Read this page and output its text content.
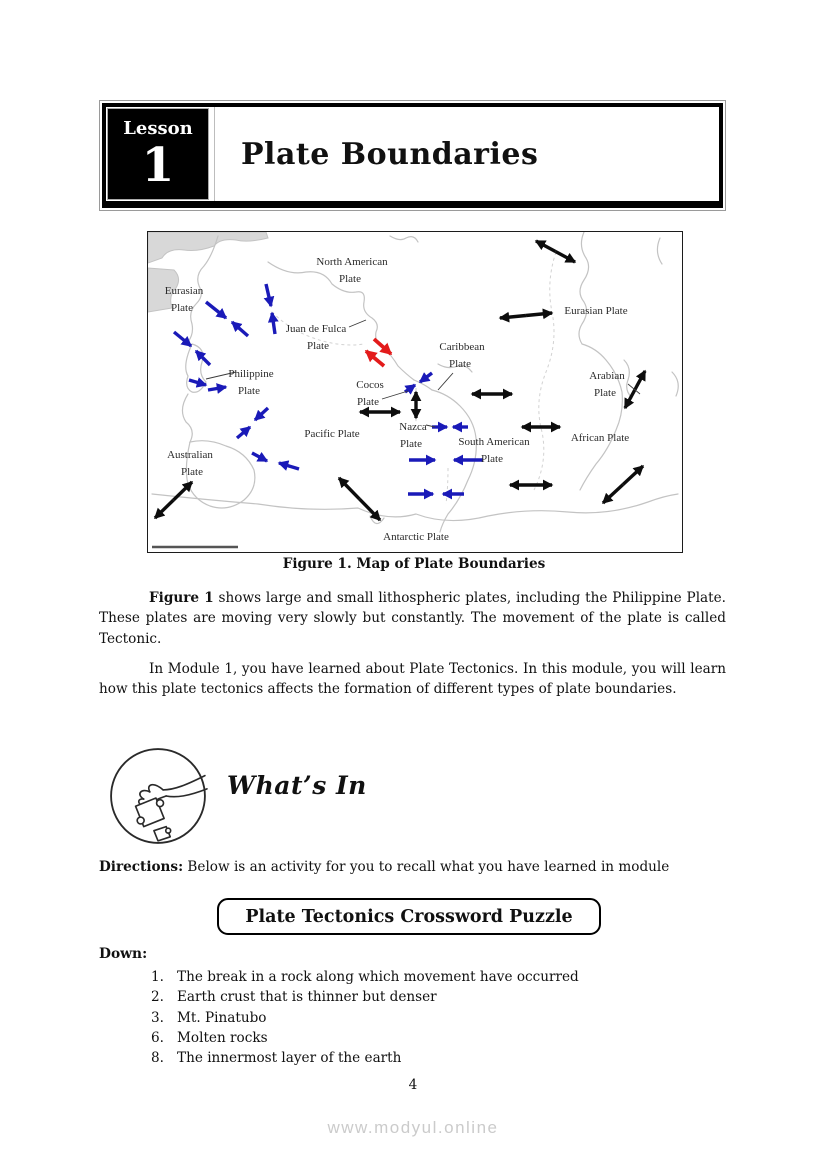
Lesson
1 Plate Boundaries
Eurasian
Plate
North American
Plate
Juan de Fulca
Plate
Eurasian Plate
Caribbean
Plate
Arabian
Plate
Philippine
Plate	Cocos
Plate
Pacific Plate
Nazca
Plate	South American
Plate
African Plate
Australian
Plate
Antarctic Plate
Figure 1. Map of Plate Boundaries

Figure 1 shows large and small lithospheric plates, including the Philippine Plate. These plates are moving very slowly but constantly. The movement of the plate is called Tectonic.

In Module 1, you have learned about Plate Tectonics. In this module, you will learn how this plate tectonics affects the formation of different types of plate boundaries.

What’s In

Directions: Below is an activity for you to recall what you have learned in module

Plate Tectonics Crossword Puzzle
Down:
1. The break in a rock along which movement have occurred
2. Earth crust that is thinner but denser
3. Mt. Pinatubo
6. Molten rocks
8. The innermost layer of the earth
4
www.modyul.online
